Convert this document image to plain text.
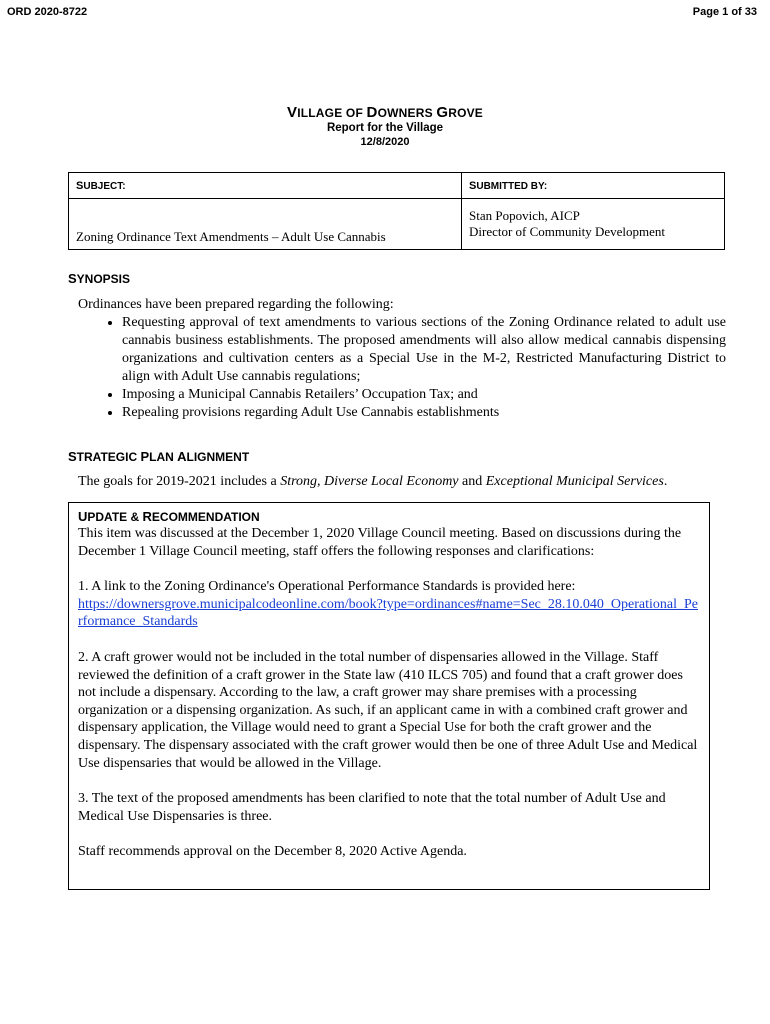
ORD 2020-8722	Page 1 of 33
VILLAGE OF DOWNERS GROVE
Report for the Village
12/8/2020
SUBJECT:	SUBMITTED BY:
Zoning Ordinance Text Amendments – Adult Use Cannabis	Stan Popovich, AICP
Director of Community Development
SYNOPSIS
Ordinances have been prepared regarding the following:
• Requesting approval of text amendments to various sections of the Zoning Ordinance related to adult use cannabis business establishments. The proposed amendments will also allow medical cannabis dispensing organizations and cultivation centers as a Special Use in the M-2, Restricted Manufacturing District to align with Adult Use cannabis regulations;
• Imposing a Municipal Cannabis Retailers’ Occupation Tax; and
• Repealing provisions regarding Adult Use Cannabis establishments
STRATEGIC PLAN ALIGNMENT
The goals for 2019-2021 includes a Strong, Diverse Local Economy and Exceptional Municipal Services.
UPDATE & RECOMMENDATION

This item was discussed at the December 1, 2020 Village Council meeting. Based on discussions during the December 1 Village Council meeting, staff offers the following responses and clarifications:

1. A link to the Zoning Ordinance's Operational Performance Standards is provided here:

https://downersgrove.municipalcodeonline.com/book?type=ordinances#name=Sec_28.10.040_Operational_Performance_Standards

2. A craft grower would not be included in the total number of dispensaries allowed in the Village. Staff reviewed the definition of a craft grower in the State law (410 ILCS 705) and found that a craft grower does not include a dispensary. According to the law, a craft grower may share premises with a processing organization or a dispensing organization. As such, if an applicant came in with a combined craft grower and dispensary application, the Village would need to grant a Special Use for both the craft grower and the dispensary. The dispensary associated with the craft grower would then be one of three Adult Use and Medical Use dispensaries that would be allowed in the Village.

3. The text of the proposed amendments has been clarified to note that the total number of Adult Use and Medical Use Dispensaries is three.

Staff recommends approval on the December 8, 2020 Active Agenda.
